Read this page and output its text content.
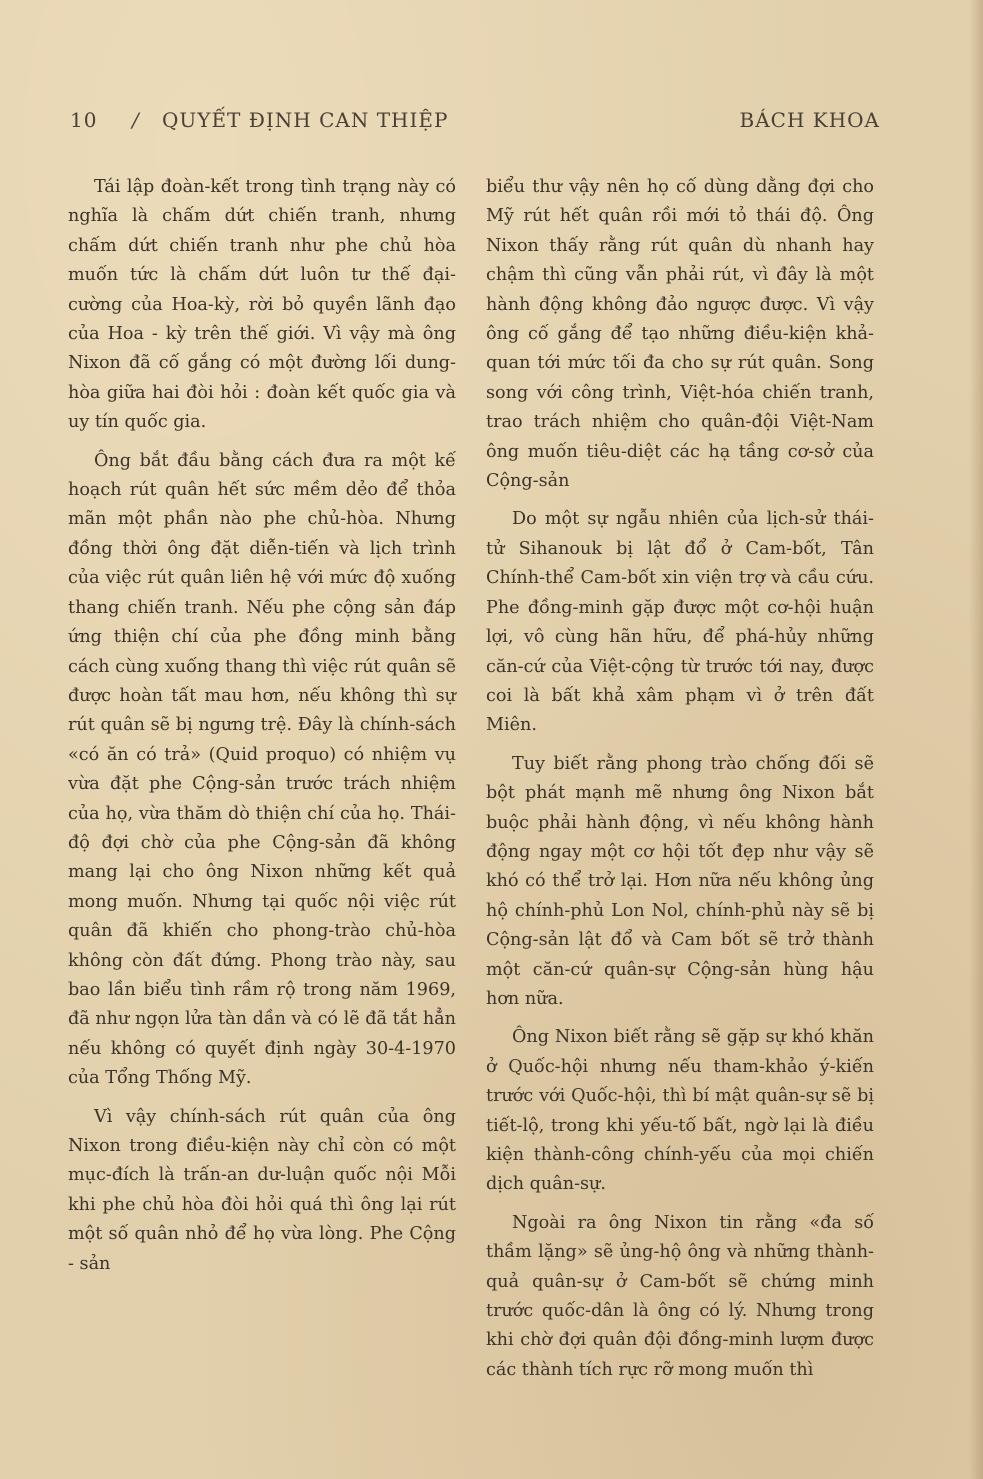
10 / QUYẾT ĐỊNH CAN THIỆP	BÁCH KHOA

Tái lập đoàn-kết trong tình trạng này có nghĩa là chấm dứt chiến tranh, nhưng chấm dứt chiến tranh như phe chủ hòa muốn tức là chấm dứt luôn tư thế đại-cường của Hoa-kỳ, rời bỏ quyền lãnh đạo của Hoa - kỳ trên thế giới. Vì vậy mà ông Nixon đã cố gắng có một đường lối dung-hòa giữa hai đòi hỏi : đoàn kết quốc gia và uy tín quốc gia.

Ông bắt đầu bằng cách đưa ra một kế hoạch rút quân hết sức mềm dẻo để thỏa mãn một phần nào phe chủ-hòa. Nhưng đồng thời ông đặt diễn-tiến và lịch trình của việc rút quân liên hệ với mức độ xuống thang chiến tranh. Nếu phe cộng sản đáp ứng thiện chí của phe đồng minh bằng cách cùng xuống thang thì việc rút quân sẽ được hoàn tất mau hơn, nếu không thì sự rút quân sẽ bị ngưng trệ. Đây là chính-sách «có ăn có trả» (Quid proquo) có nhiệm vụ vừa đặt phe Cộng-sản trước trách nhiệm của họ, vừa thăm dò thiện chí của họ. Thái-độ đợi chờ của phe Cộng-sản đã không mang lại cho ông Nixon những kết quả mong muốn. Nhưng tại quốc nội việc rút quân đã khiến cho phong-trào chủ-hòa không còn đất đứng. Phong trào này, sau bao lần biểu tình rầm rộ trong năm 1969, đã như ngọn lửa tàn dần và có lẽ đã tắt hẳn nếu không có quyết định ngày 30-4-1970 của Tổng Thống Mỹ.

Vì vậy chính-sách rút quân của ông Nixon trong điều-kiện này chỉ còn có một mục-đích là trấn-an dư-luận quốc nội Mỗi khi phe chủ hòa đòi hỏi quá thì ông lại rút một số quân nhỏ để họ vừa lòng. Phe Cộng - sản

biểu thư vậy nên họ cố dùng dằng đợi cho Mỹ rút hết quân rồi mới tỏ thái độ. Ông Nixon thấy rằng rút quân dù nhanh hay chậm thì cũng vẫn phải rút, vì đây là một hành động không đảo ngược được. Vì vậy ông cố gắng để tạo những điều-kiện khả-quan tới mức tối đa cho sự rút quân. Song song với công trình, Việt-hóa chiến tranh, trao trách nhiệm cho quân-đội Việt-Nam ông muốn tiêu-diệt các hạ tầng cơ-sở của Cộng-sản

Do một sự ngẫu nhiên của lịch-sử thái-tử Sihanouk bị lật đổ ở Cam-bốt, Tân Chính-thể Cam-bốt xin viện trợ và cầu cứu. Phe đồng-minh gặp được một cơ-hội huận lợi, vô cùng hãn hữu, để phá-hủy những căn-cứ của Việt-cộng từ trước tới nay, được coi là bất khả xâm phạm vì ở trên đất Miên.

Tuy biết rằng phong trào chống đối sẽ bột phát mạnh mẽ nhưng ông Nixon bắt buộc phải hành động, vì nếu không hành động ngay một cơ hội tốt đẹp như vậy sẽ khó có thể trở lại. Hơn nữa nếu không ủng hộ chính-phủ Lon Nol, chính-phủ này sẽ bị Cộng-sản lật đổ và Cam bốt sẽ trở thành một căn-cứ quân-sự Cộng-sản hùng hậu hơn nữa.

Ông Nixon biết rằng sẽ gặp sự khó khăn ở Quốc-hội nhưng nếu tham-khảo ý-kiến trước với Quốc-hội, thì bí mật quân-sự sẽ bị tiết-lộ, trong khi yếu-tố bất, ngờ lại là điều kiện thành-công chính-yếu của mọi chiến dịch quân-sự.

Ngoài ra ông Nixon tin rằng «đa số thầm lặng» sẽ ủng-hộ ông và những thành-quả quân-sự ở Cam-bốt sẽ chứng minh trước quốc-dân là ông có lý. Nhưng trong khi chờ đợi quân đội đồng-minh lượm được các thành tích rực rỡ mong muốn thì
